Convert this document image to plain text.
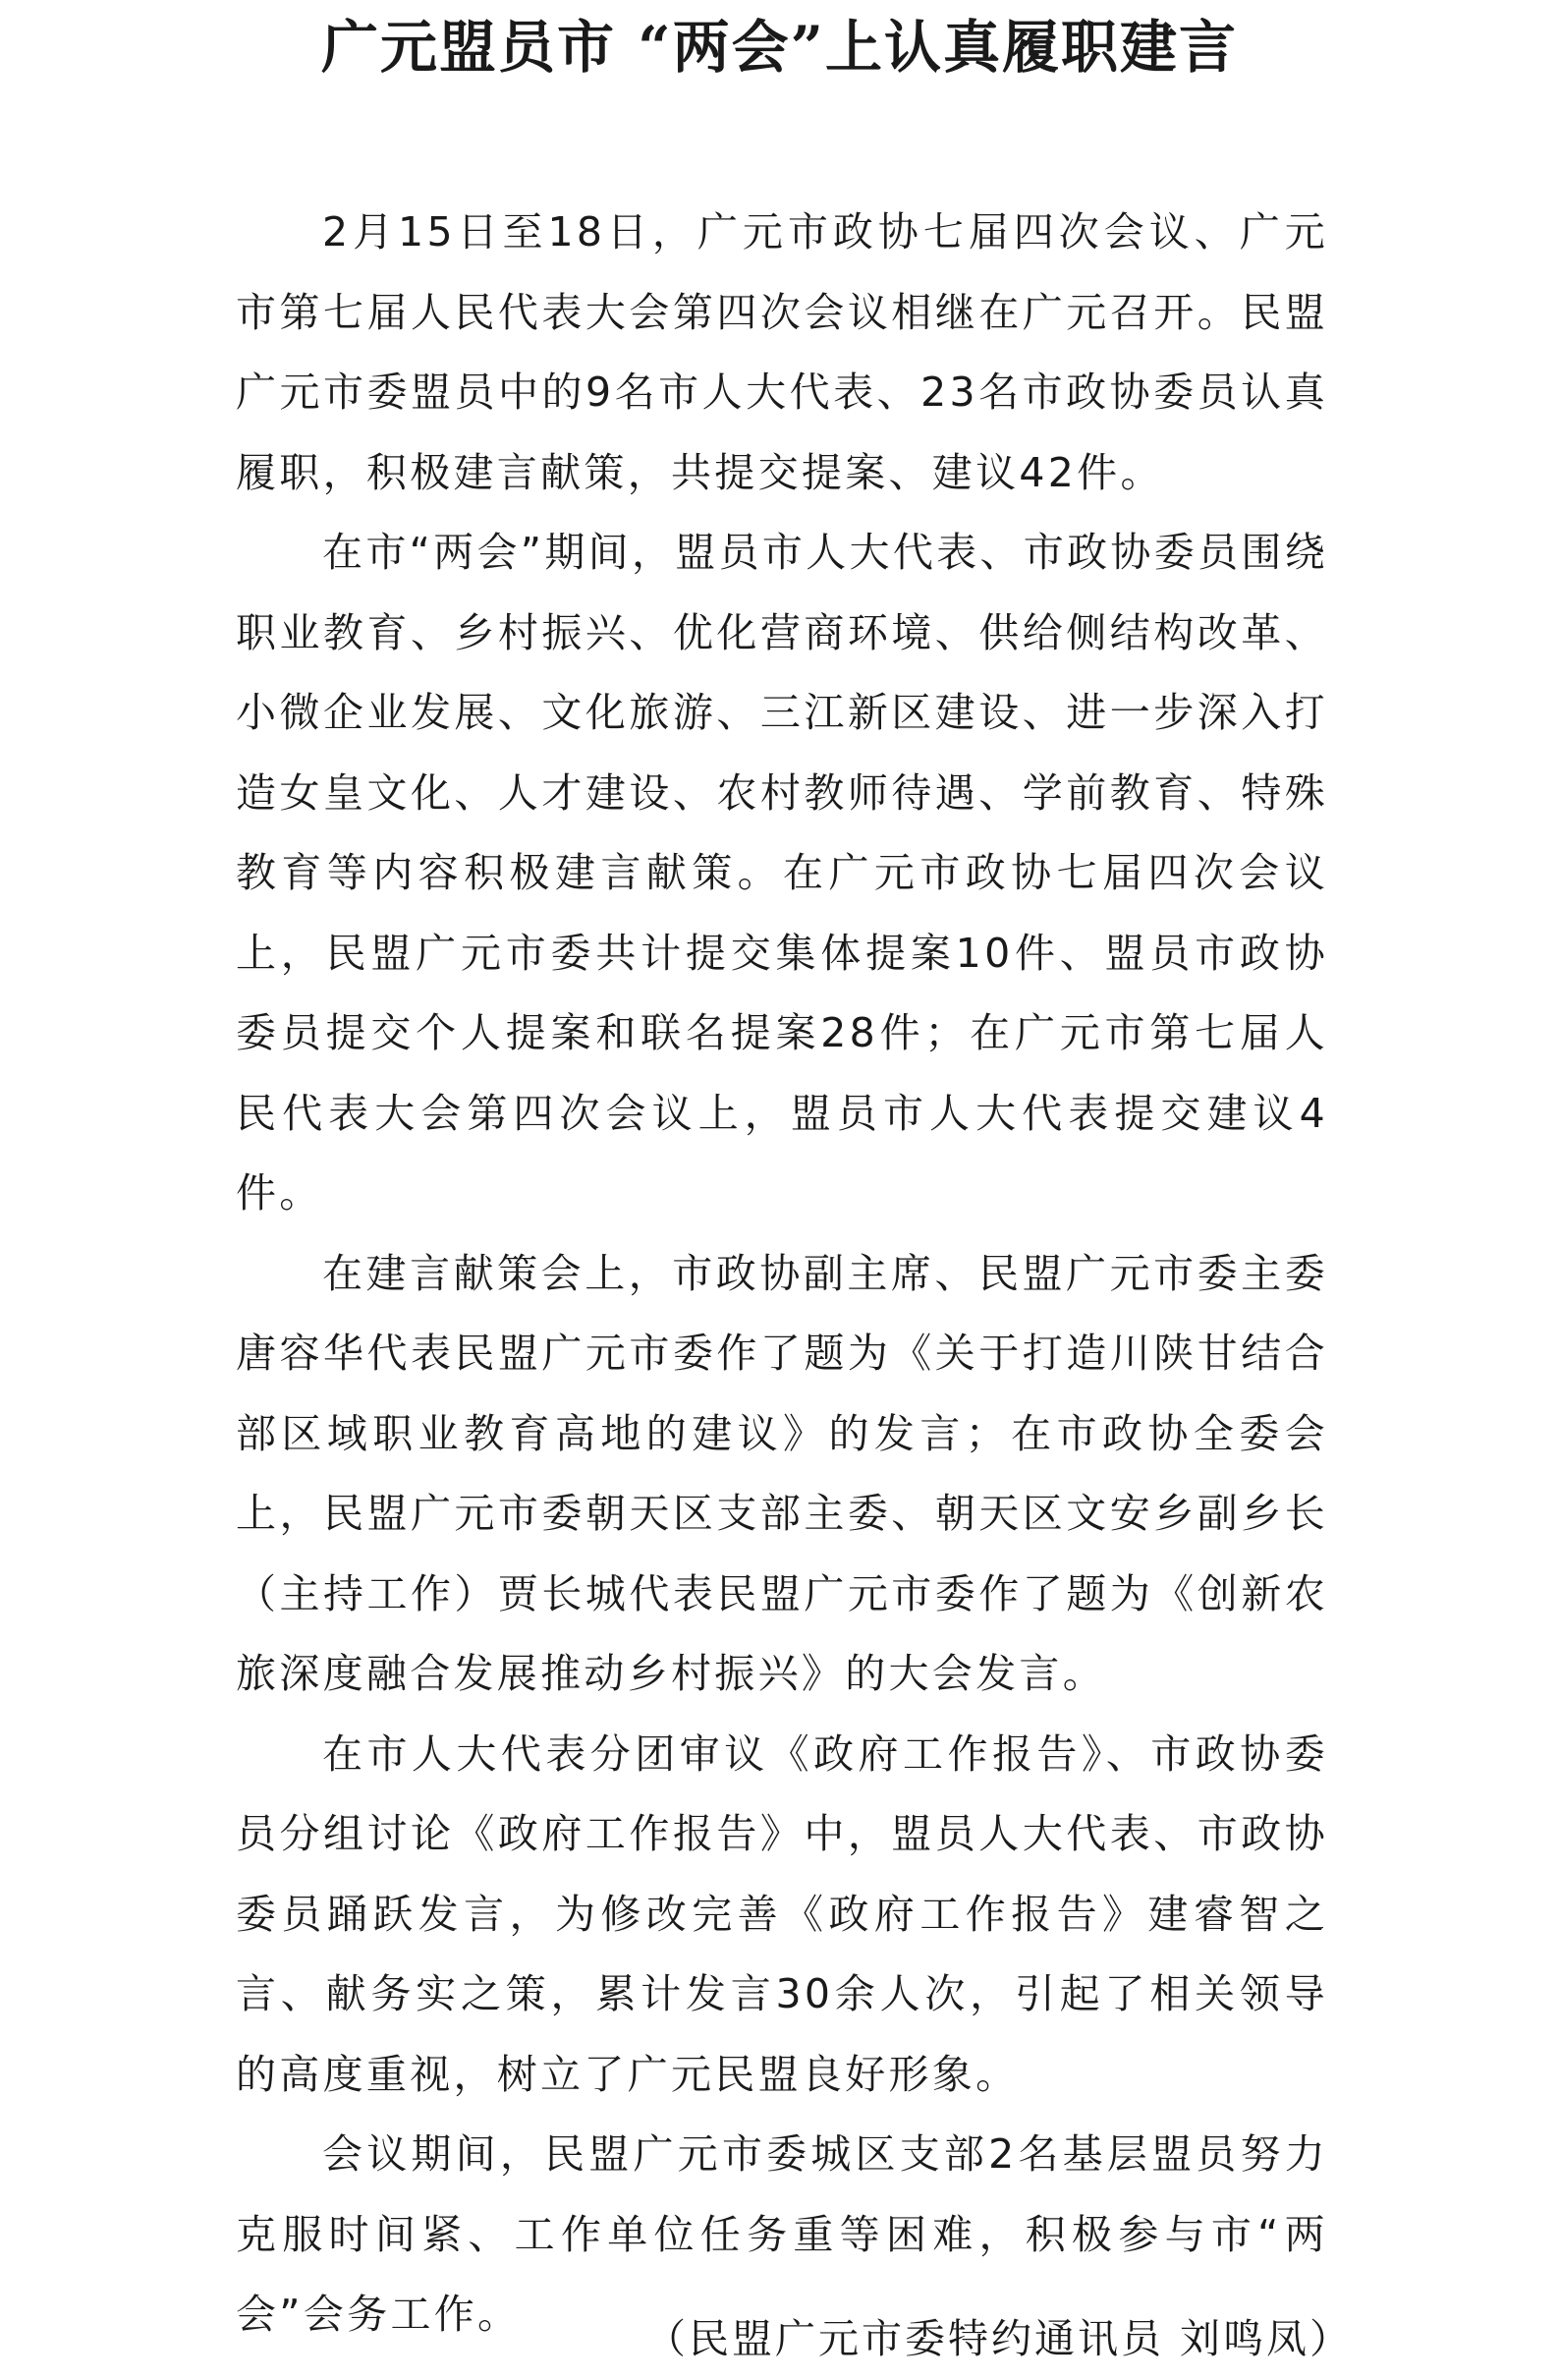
广元盟员市 “两会”上认真履职建言

2月15日至18日，广元市政协七届四次会议、广元市第七届人民代表大会第四次会议相继在广元召开。民盟广元市委盟员中的9名市人大代表、23名市政协委员认真履职，积极建言献策，共提交提案、建议42件。

在市“两会”期间，盟员市人大代表、市政协委员围绕职业教育、乡村振兴、优化营商环境、供给侧结构改革、小微企业发展、文化旅游、三江新区建设、进一步深入打造女皇文化、人才建设、农村教师待遇、学前教育、特殊教育等内容积极建言献策。在广元市政协七届四次会议上，民盟广元市委共计提交集体提案10件、盟员市政协委员提交个人提案和联名提案28件；在广元市第七届人民代表大会第四次会议上，盟员市人大代表提交建议4件。

在建言献策会上，市政协副主席、民盟广元市委主委唐容华代表民盟广元市委作了题为《关于打造川陕甘结合部区域职业教育高地的建议》的发言；在市政协全委会上，民盟广元市委朝天区支部主委、朝天区文安乡副乡长（主持工作）贾长城代表民盟广元市委作了题为《创新农旅深度融合发展推动乡村振兴》的大会发言。

在市人大代表分团审议《政府工作报告》、市政协委员分组讨论《政府工作报告》中，盟员人大代表、市政协委员踊跃发言，为修改完善《政府工作报告》建睿智之言、献务实之策，累计发言30余人次，引起了相关领导的高度重视，树立了广元民盟良好形象。

会议期间，民盟广元市委城区支部2名基层盟员努力克服时间紧、工作单位任务重等困难，积极参与市“两会”会务工作。

（民盟广元市委特约通讯员 刘鸣凤）
